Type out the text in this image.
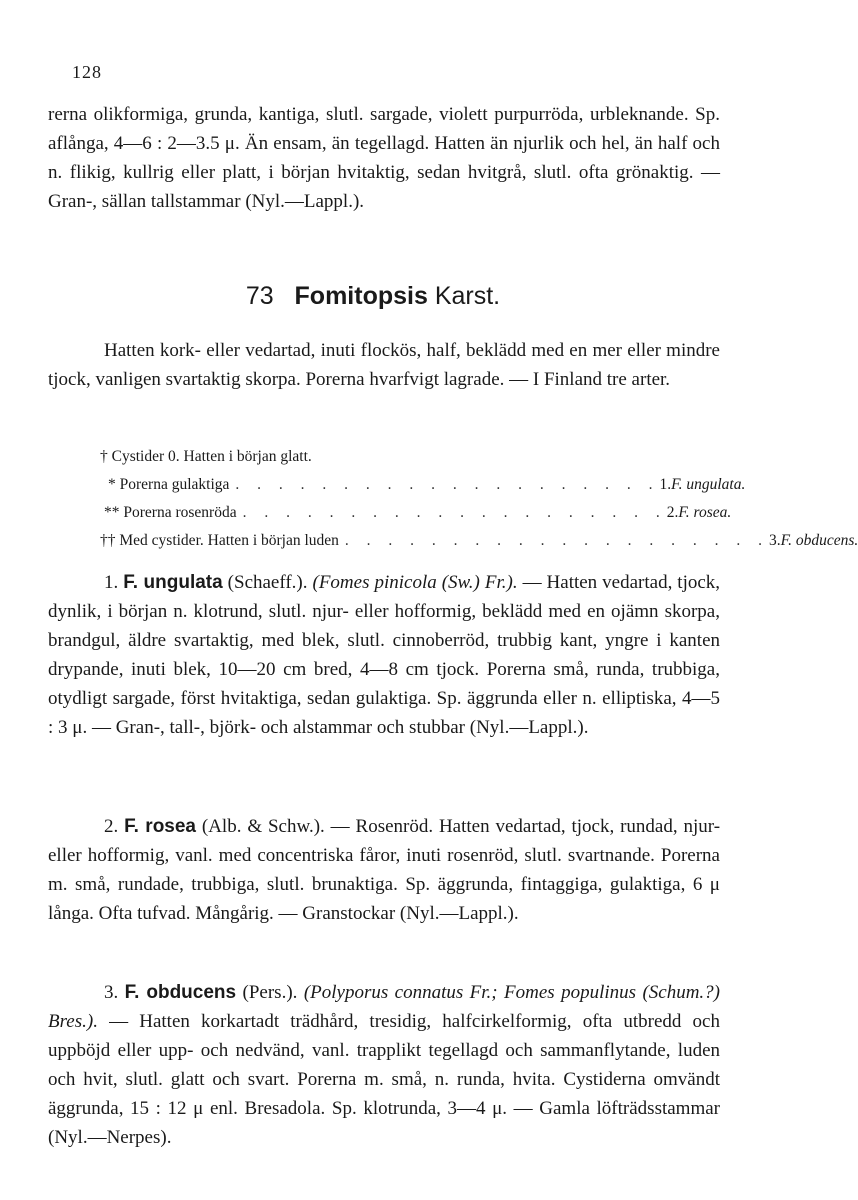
128

rerna olikformiga, grunda, kantiga, slutl. sargade, violett purpurröda, urbleknande. Sp. aflånga, 4—6 : 2—3.5 μ. Än ensam, än tegellagd. Hatten än njurlik och hel, än half och n. flikig, kullrig eller platt, i början hvitaktig, sedan hvitgrå, slutl. ofta grönaktig. — Gran-, sällan tallstammar (Nyl.—Lappl.).

73 Fomitopsis Karst.

Hatten kork- eller vedartad, inuti flockös, half, beklädd med en mer eller mindre tjock, vanligen svartaktig skorpa. Porerna hvarfvigt lagrade. — I Finland tre arter.

† Cystider 0. Hatten i början glatt.
* Porerna gulaktiga . . . . . . . . . . . . . . . . . . . . 1. F. ungulata.
** Porerna rosenröda . . . . . . . . . . . . . . . . . . . . 2. F. rosea.
†† Med cystider. Hatten i början luden . . . . . . . . . . . . . . . . . . . . 3. F. obducens.

1. F. ungulata (Schaeff.). (Fomes pinicola (Sw.) Fr.). — Hatten vedartad, tjock, dynlik, i början n. klotrund, slutl. njur- eller hofformig, beklädd med en ojämn skorpa, brandgul, äldre svartaktig, med blek, slutl. cinnoberröd, trubbig kant, yngre i kanten drypande, inuti blek, 10—20 cm bred, 4—8 cm tjock. Porerna små, runda, trubbiga, otydligt sargade, först hvitaktiga, sedan gulaktiga. Sp. äggrunda eller n. elliptiska, 4—5 : 3 μ. — Gran-, tall-, björk- och alstammar och stubbar (Nyl.—Lappl.).

2. F. rosea (Alb. & Schw.). — Rosenröd. Hatten vedartad, tjock, rundad, njur- eller hofformig, vanl. med concentriska fåror, inuti rosenröd, slutl. svartnande. Porerna m. små, rundade, trubbiga, slutl. brunaktiga. Sp. äggrunda, fintaggiga, gulaktiga, 6 μ långa. Ofta tufvad. Mångårig. — Granstockar (Nyl.—Lappl.).

3. F. obducens (Pers.). (Polyporus connatus Fr.; Fomes populinus (Schum.?) Bres.). — Hatten korkartadt trädhård, tresidig, halfcirkelformig, ofta utbredd och uppböjd eller upp- och nedvänd, vanl. trapplikt tegellagd och sammanflytande, luden och hvit, slutl. glatt och svart. Porerna m. små, n. runda, hvita. Cystiderna omvändt äggrunda, 15 : 12 μ enl. Bresadola. Sp. klotrunda, 3—4 μ. — Gamla löfträdsstammar (Nyl.—Nerpes).
